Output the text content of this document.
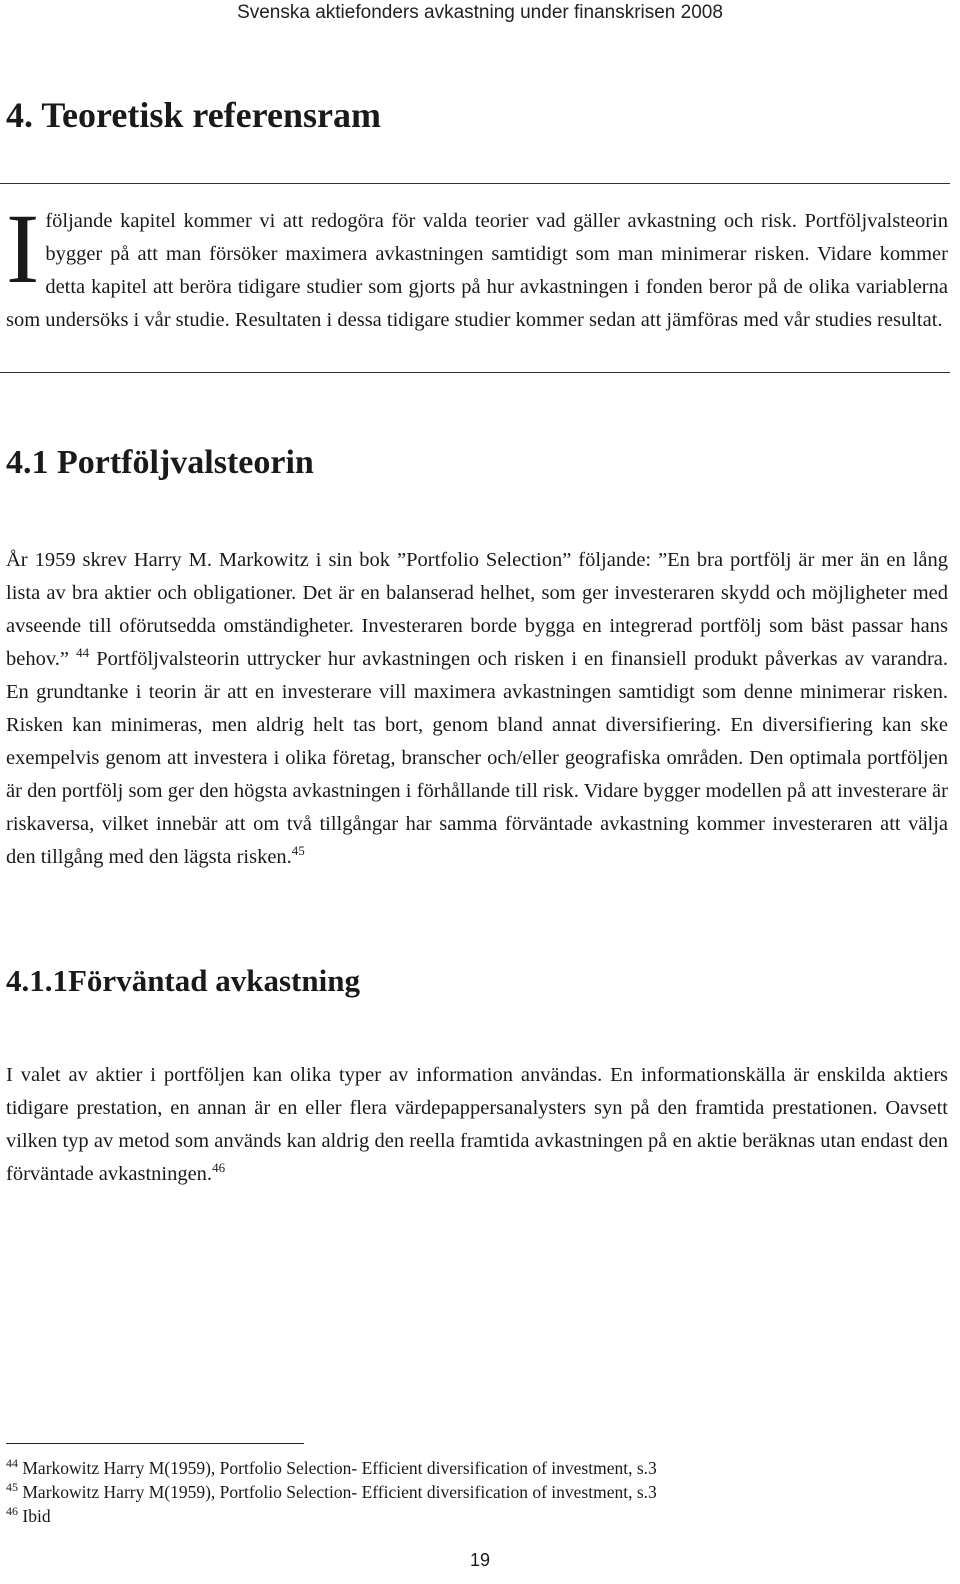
Svenska aktiefonders avkastning under finanskrisen 2008
4. Teoretisk referensram
I följande kapitel kommer vi att redogöra för valda teorier vad gäller avkastning och risk. Portföljvalsteorin bygger på att man försöker maximera avkastningen samtidigt som man minimerar risken. Vidare kommer detta kapitel att beröra tidigare studier som gjorts på hur avkastningen i fonden beror på de olika variablerna som undersöks i vår studie. Resultaten i dessa tidigare studier kommer sedan att jämföras med vår studies resultat.

4.1 Portföljvalsteorin

År 1959 skrev Harry M. Markowitz i sin bok ”Portfolio Selection” följande: ”En bra portfölj är mer än en lång lista av bra aktier och obligationer. Det är en balanserad helhet, som ger investeraren skydd och möjligheter med avseende till oförutsedda omständigheter. Investeraren borde bygga en integrerad portfölj som bäst passar hans behov.” $^{44}$ Portföljvalsteorin uttrycker hur avkastningen och risken i en finansiell produkt påverkas av varandra. En grundtanke i teorin är att en investerare vill maximera avkastningen samtidigt som denne minimerar risken. Risken kan minimeras, men aldrig helt tas bort, genom bland annat diversifiering. En diversifiering kan ske exempelvis genom att investera i olika företag, branscher och/eller geografiska områden. Den optimala portföljen är den portfölj som ger den högsta avkastningen i förhållande till risk. Vidare bygger modellen på att investerare är riskaversa, vilket innebär att om två tillgångar har samma förväntade avkastning kommer investeraren att välja den tillgång med den lägsta risken.$^{45}$

4.1.1Förväntad avkastning

I valet av aktier i portföljen kan olika typer av information användas. En informationskälla är enskilda aktiers tidigare prestation, en annan är en eller flera värdepappersanalysters syn på den framtida prestationen. Oavsett vilken typ av metod som används kan aldrig den reella framtida avkastningen på en aktie beräknas utan endast den förväntade avkastningen.$^{46}$

$^{44}$ Markowitz Harry M(1959), Portfolio Selection- Efficient diversification of investment, s.3
$^{45}$ Markowitz Harry M(1959), Portfolio Selection- Efficient diversification of investment, s.3
$^{46}$ Ibid
19
